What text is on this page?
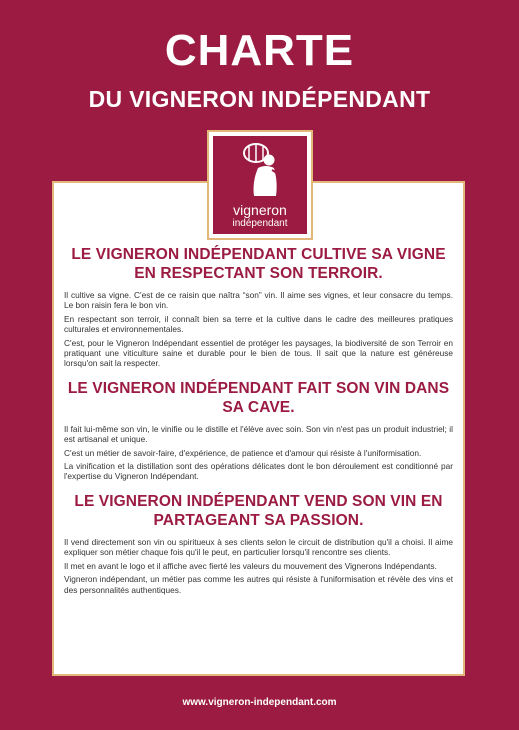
CHARTE
DU VIGNERON INDÉPENDANT
LE VIGNERON INDÉPENDANT CULTIVE SA VIGNE EN RESPECTANT SON TERROIR.

Il cultive sa vigne. C'est de ce raisin que naîtra “son” vin. Il aime ses vignes, et leur consacre du temps. Le bon raisin fera le bon vin.

En respectant son terroir, il connaît bien sa terre et la cultive dans le cadre des meilleures pratiques culturales et environnementales.

C'est, pour le Vigneron Indépendant essentiel de protéger les paysages, la biodiversité de son Terroir en pratiquant une viticulture saine et durable pour le bien de tous. Il sait que la nature est généreuse lorsqu'on sait la respecter.

LE VIGNERON INDÉPENDANT FAIT SON VIN DANS SA CAVE.

Il fait lui-même son vin, le vinifie ou le distille et l'élève avec soin. Son vin n'est pas un produit industriel; il est artisanal et unique.

C'est un métier de savoir-faire, d'expérience, de patience et d'amour qui résiste à l'uniformisation.

La vinification et la distillation sont des opérations délicates dont le bon déroulement est conditionné par l'expertise du Vigneron Indépendant.

LE VIGNERON INDÉPENDANT VEND SON VIN EN PARTAGEANT SA PASSION.

Il vend directement son vin ou spiritueux à ses clients selon le circuit de distribution qu'il a choisi. Il aime expliquer son métier chaque fois qu'il le peut, en particulier lorsqu'il rencontre ses clients.

Il met en avant le logo et il affiche avec fierté les valeurs du mouvement des Vignerons Indépendants.

Vigneron indépendant, un métier pas comme les autres qui résiste à l'uniformisation et révèle des vins et des personnalités authentiques.

vigneron
indépendant
www.vigneron-independant.com
